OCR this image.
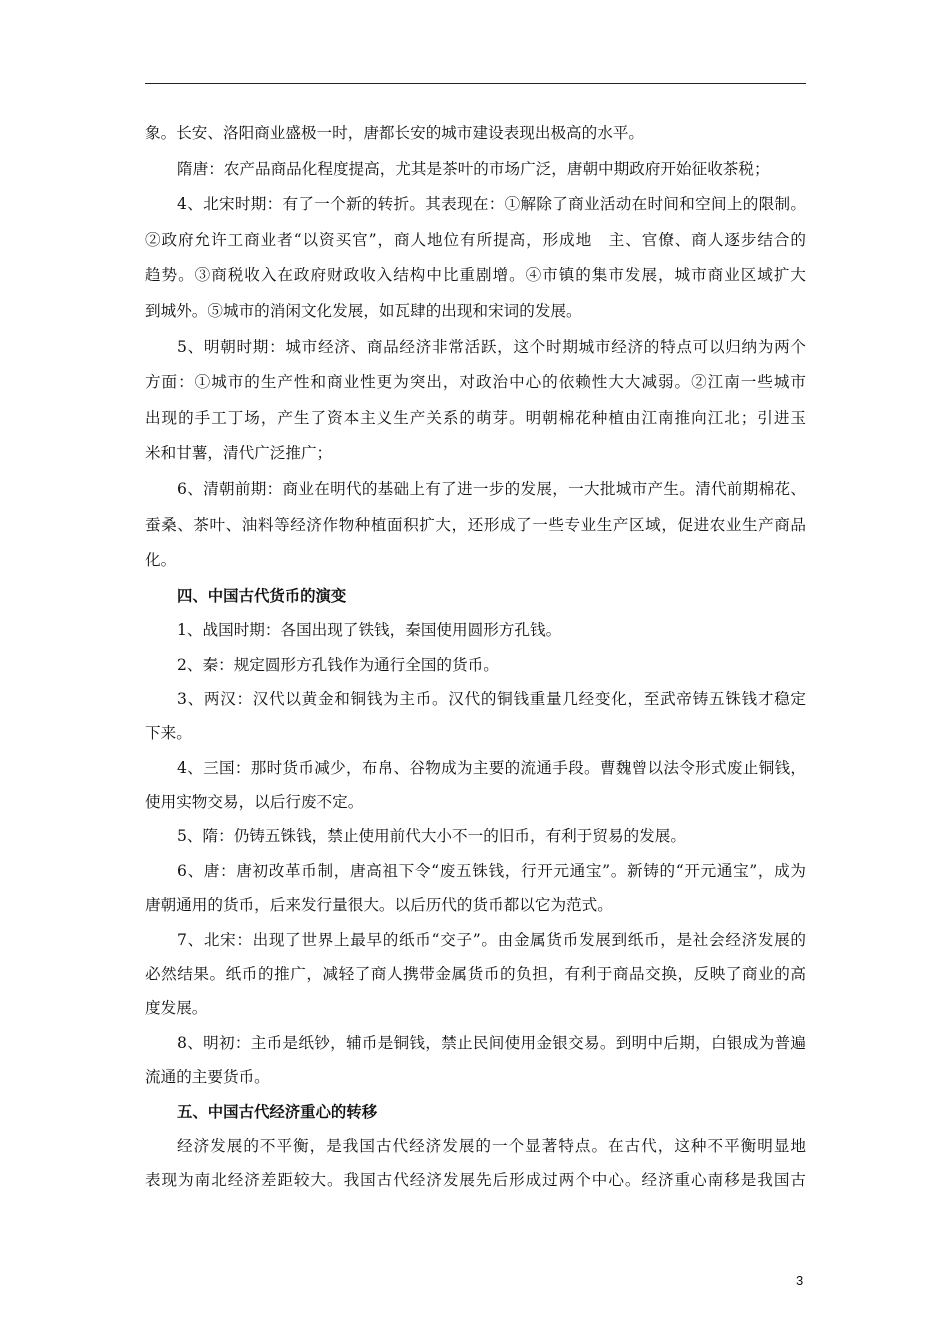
象。长安、洛阳商业盛极一时，唐都长安的城市建设表现出极高的水平。
隋唐：农产品商品化程度提高，尤其是茶叶的市场广泛，唐朝中期政府开始征收茶税；
4、北宋时期：有了一个新的转折。其表现在：①解除了商业活动在时间和空间上的限制。
②政府允许工商业者“以资买官”，商人地位有所提高，形成地　主、官僚、商人逐步结合的
趋势。③商税收入在政府财政收入结构中比重剧增。④市镇的集市发展，城市商业区域扩大
到城外。⑤城市的消闲文化发展，如瓦肆的出现和宋词的发展。
5、明朝时期：城市经济、商品经济非常活跃，这个时期城市经济的特点可以归纳为两个
方面：①城市的生产性和商业性更为突出，对政治中心的依赖性大大减弱。②江南一些城市
出现的手工丁场，产生了资本主义生产关系的萌芽。明朝棉花种植由江南推向江北；引进玉
米和甘薯，清代广泛推广；
6、清朝前期：商业在明代的基础上有了进一步的发展，一大批城市产生。清代前期棉花、
蚕桑、茶叶、油料等经济作物种植面积扩大，还形成了一些专业生产区域，促进农业生产商品
化。
四、中国古代货币的演变
1、战国时期：各国出现了铁钱，秦国使用圆形方孔钱。
2、秦：规定圆形方孔钱作为通行全国的货币。
3、两汉：汉代以黄金和铜钱为主币。汉代的铜钱重量几经变化，至武帝铸五铢钱才稳定
下来。
4、三国：那时货币减少，布帛、谷物成为主要的流通手段。曹魏曾以法令形式废止铜钱，
使用实物交易，以后行废不定。
5、隋：仍铸五铢钱，禁止使用前代大小不一的旧币，有利于贸易的发展。
6、唐：唐初改革币制，唐高祖下令“废五铢钱，行开元通宝”。新铸的“开元通宝”，成为
唐朝通用的货币，后来发行量很大。以后历代的货币都以它为范式。
7、北宋：出现了世界上最早的纸币“交子”。由金属货币发展到纸币，是社会经济发展的
必然结果。纸币的推广，减轻了商人携带金属货币的负担，有利于商品交换，反映了商业的高
度发展。
8、明初：主币是纸钞，辅币是铜钱，禁止民间使用金银交易。到明中后期，白银成为普遍
流通的主要货币。
五、中国古代经济重心的转移
经济发展的不平衡，是我国古代经济发展的一个显著特点。在古代，这种不平衡明显地
表现为南北经济差距较大。我国古代经济发展先后形成过两个中心。经济重心南移是我国古
3
